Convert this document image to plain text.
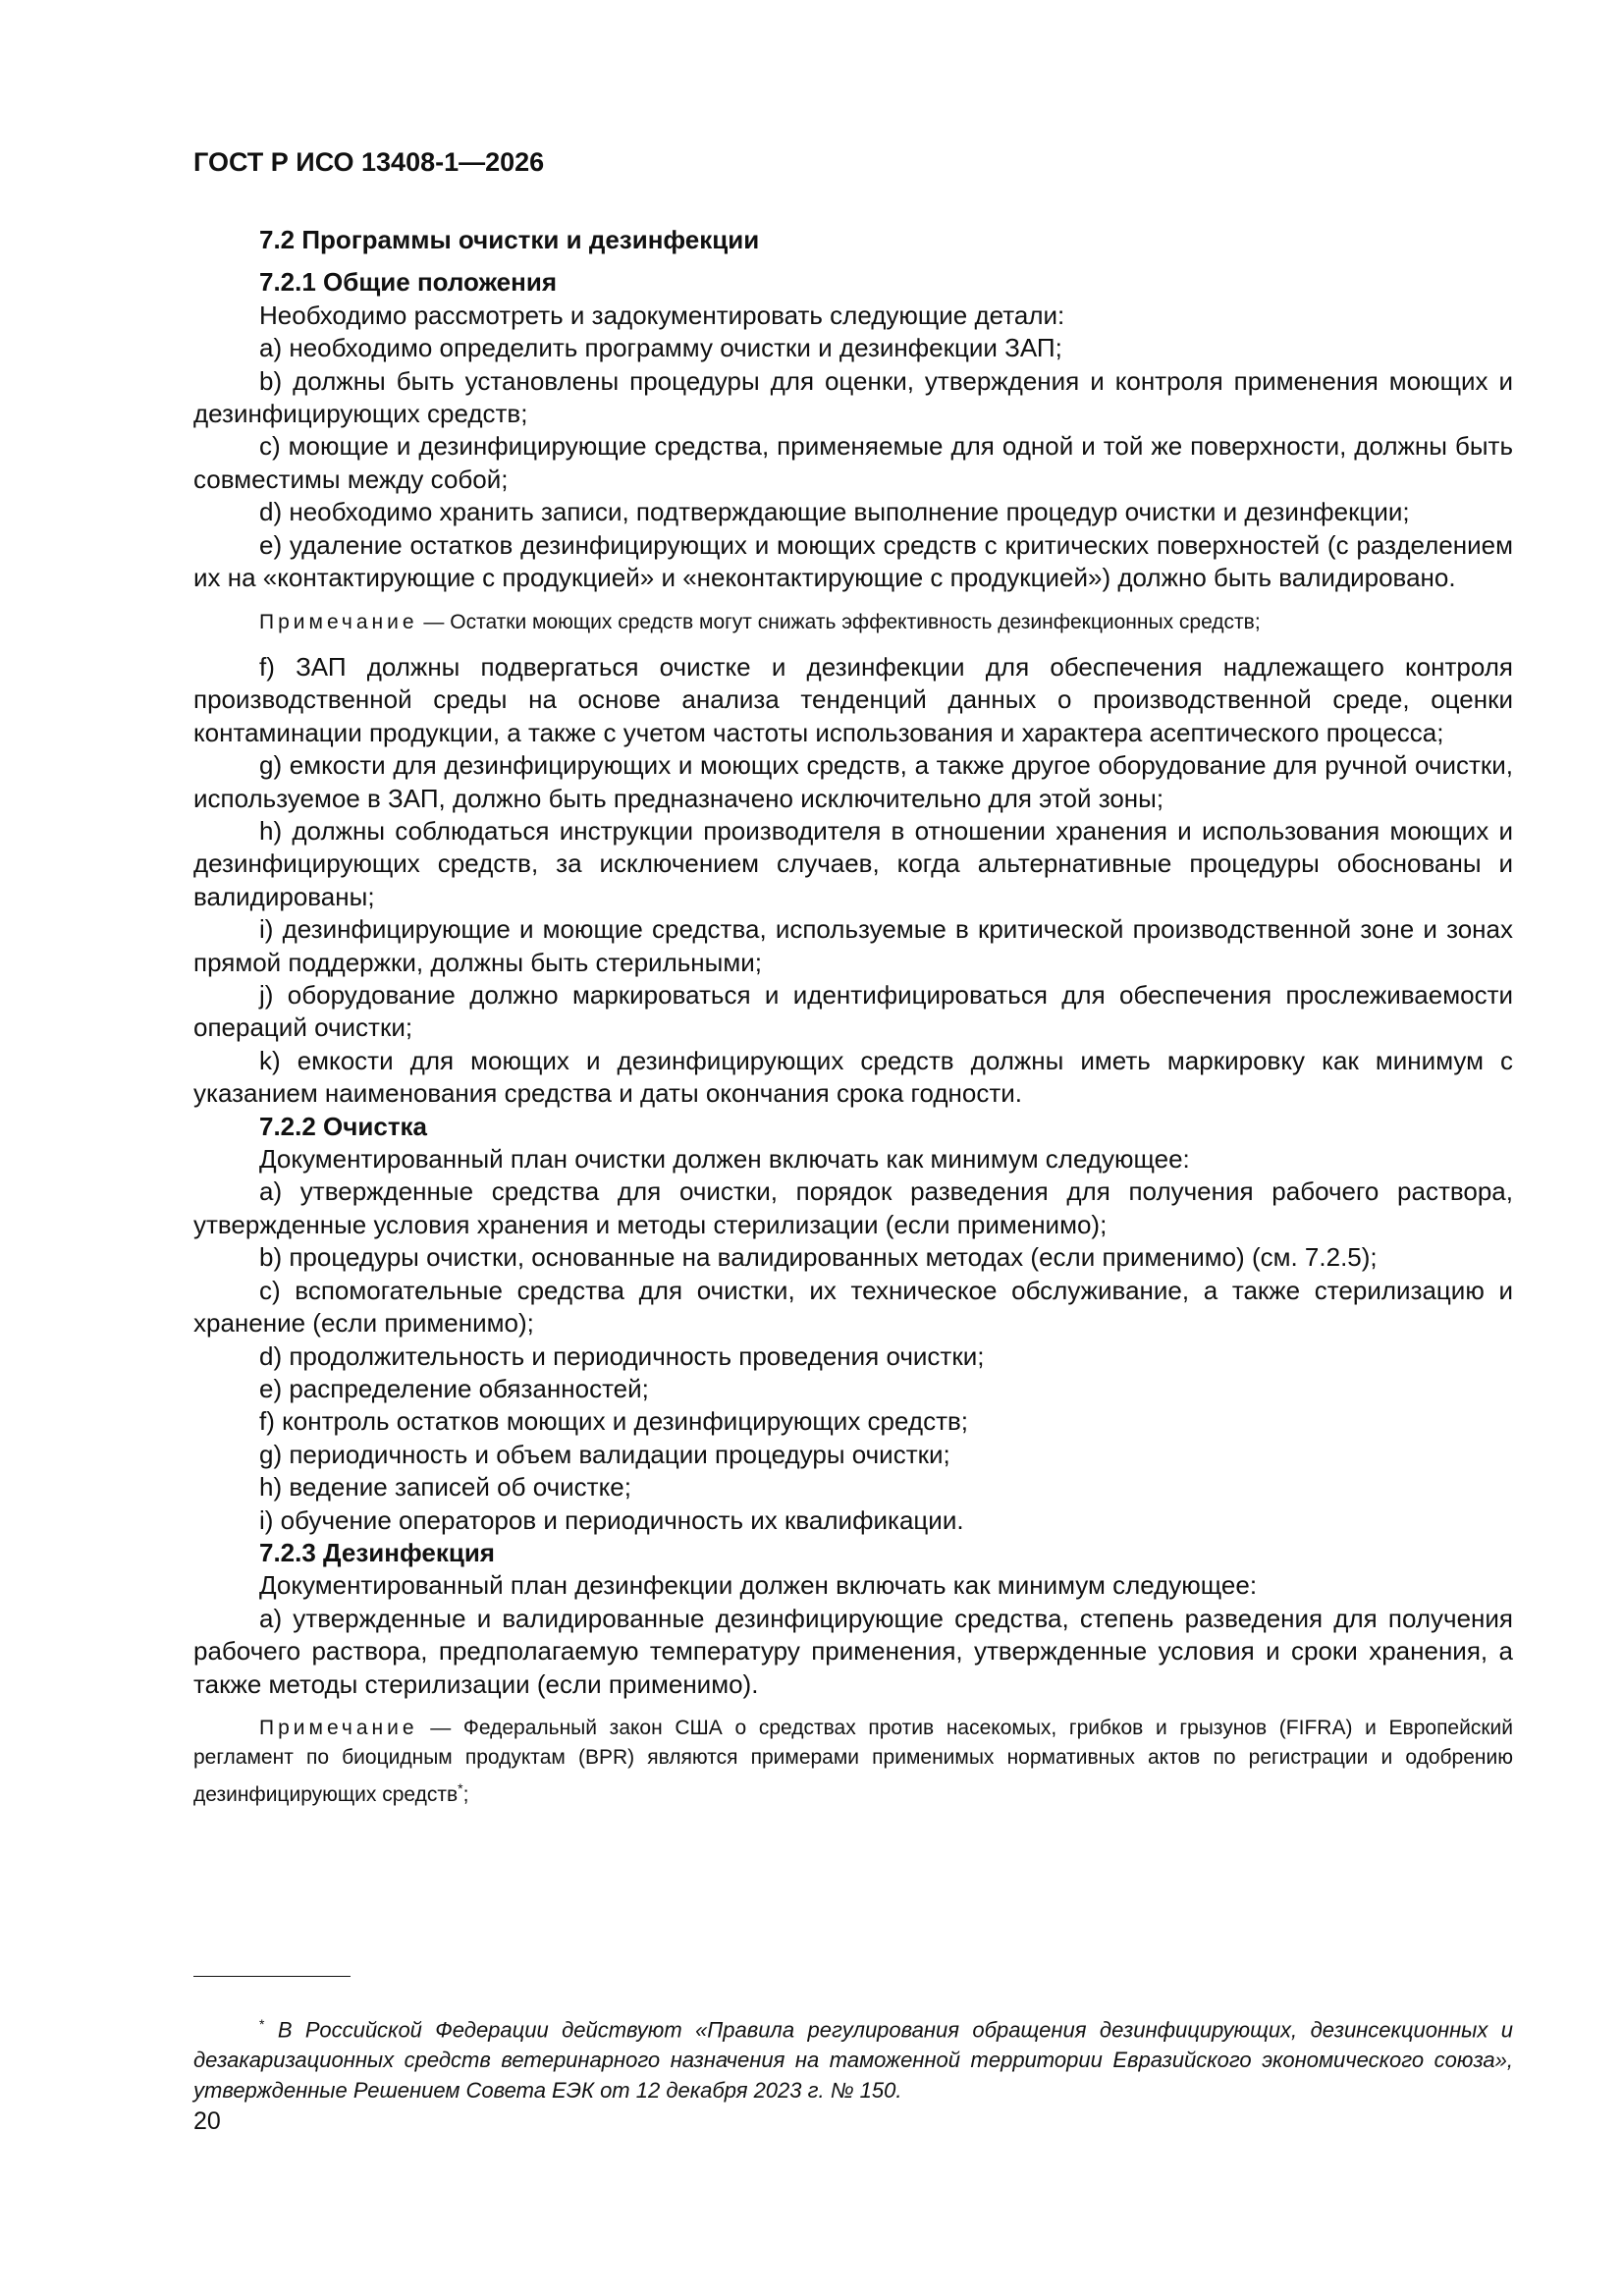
ГОСТ Р ИСО 13408-1—2026

7.2 Программы очистки и дезинфекции

7.2.1 Общие положения

Необходимо рассмотреть и задокументировать следующие детали:

а) необходимо определить программу очистки и дезинфекции ЗАП;

b) должны быть установлены процедуры для оценки, утверждения и контроля применения моющих и дезинфицирующих средств;

с) моющие и дезинфицирующие средства, применяемые для одной и той же поверхности, должны быть совместимы между собой;

d) необходимо хранить записи, подтверждающие выполнение процедур очистки и дезинфекции;

е) удаление остатков дезинфицирующих и моющих средств с критических поверхностей (с разделением их на «контактирующие с продукцией» и «неконтактирующие с продукцией») должно быть валидировано.

Примечание — Остатки моющих средств могут снижать эффективность дезинфекционных средств;

f) ЗАП должны подвергаться очистке и дезинфекции для обеспечения надлежащего контроля производственной среды на основе анализа тенденций данных о производственной среде, оценки контаминации продукции, а также с учетом частоты использования и характера асептического процесса;

g) емкости для дезинфицирующих и моющих средств, а также другое оборудование для ручной очистки, используемое в ЗАП, должно быть предназначено исключительно для этой зоны;

h) должны соблюдаться инструкции производителя в отношении хранения и использования моющих и дезинфицирующих средств, за исключением случаев, когда альтернативные процедуры обоснованы и валидированы;

i) дезинфицирующие и моющие средства, используемые в критической производственной зоне и зонах прямой поддержки, должны быть стерильными;

j) оборудование должно маркироваться и идентифицироваться для обеспечения прослеживаемости операций очистки;

k) емкости для моющих и дезинфицирующих средств должны иметь маркировку как минимум с указанием наименования средства и даты окончания срока годности.

7.2.2 Очистка

Документированный план очистки должен включать как минимум следующее:

а) утвержденные средства для очистки, порядок разведения для получения рабочего раствора, утвержденные условия хранения и методы стерилизации (если применимо);

b) процедуры очистки, основанные на валидированных методах (если применимо) (см. 7.2.5);

с) вспомогательные средства для очистки, их техническое обслуживание, а также стерилизацию и хранение (если применимо);

d) продолжительность и периодичность проведения очистки;

е) распределение обязанностей;

f) контроль остатков моющих и дезинфицирующих средств;

g) периодичность и объем валидации процедуры очистки;

h) ведение записей об очистке;

i) обучение операторов и периодичность их квалификации.

7.2.3 Дезинфекция

Документированный план дезинфекции должен включать как минимум следующее:

а) утвержденные и валидированные дезинфицирующие средства, степень разведения для получения рабочего раствора, предполагаемую температуру применения, утвержденные условия и сроки хранения, а также методы стерилизации (если применимо).

Примечание — Федеральный закон США о средствах против насекомых, грибков и грызунов (FIFRA) и Европейский регламент по биоцидным продуктам (BPR) являются примерами применимых нормативных актов по регистрации и одобрению дезинфицирующих средств*;

* В Российской Федерации действуют «Правила регулирования обращения дезинфицирующих, дезинсекционных и дезакаризационных средств ветеринарного назначения на таможенной территории Евразийского экономического союза», утвержденные Решением Совета ЕЭК от 12 декабря 2023 г. № 150.

20
